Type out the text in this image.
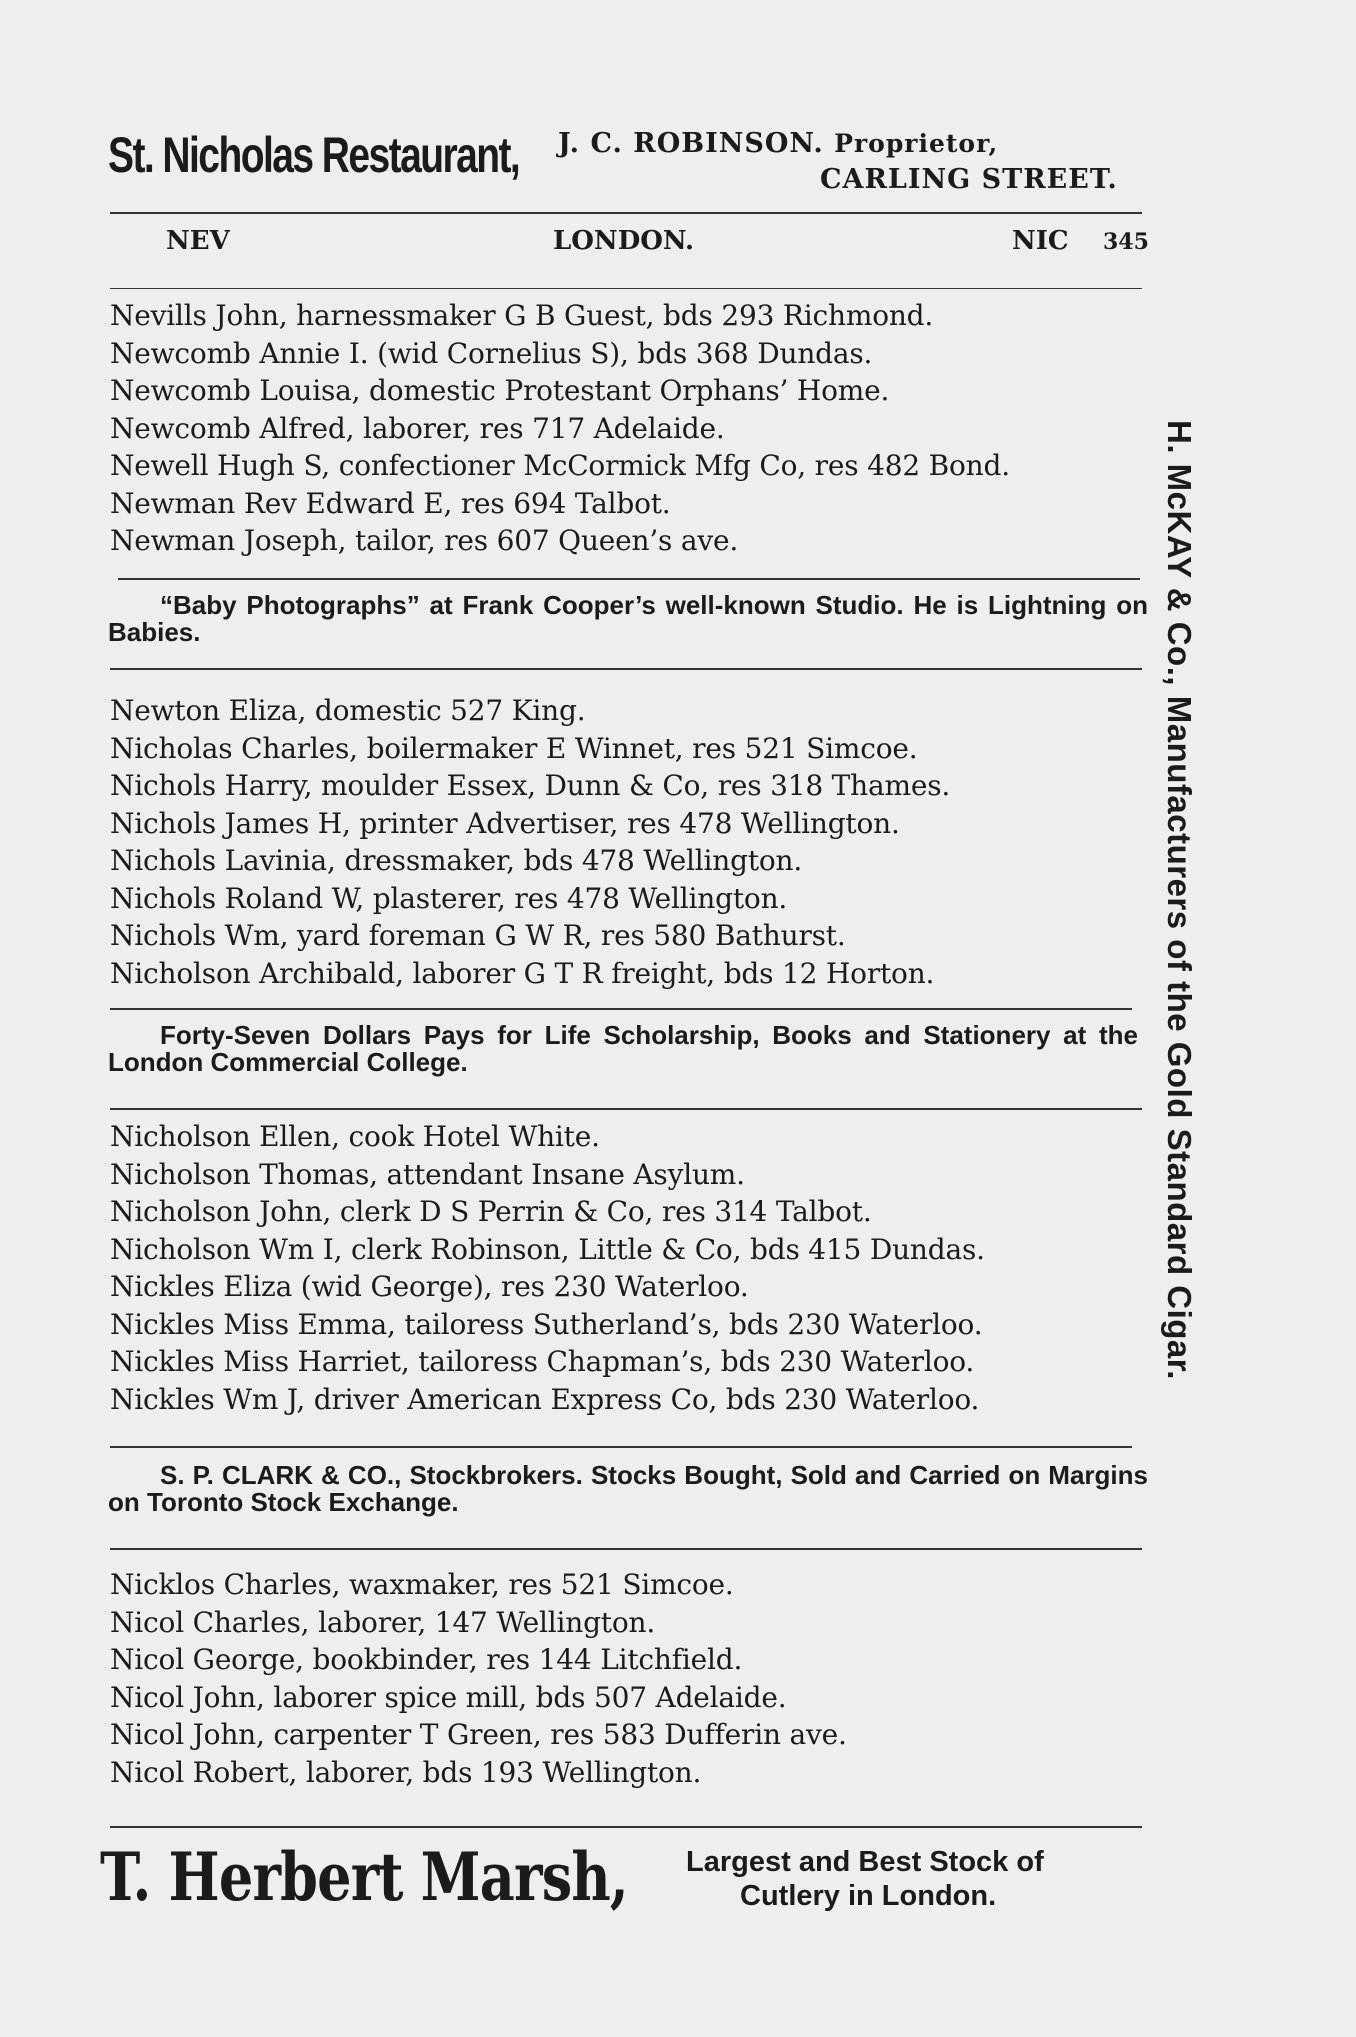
St. Nicholas Restaurant, J. C. ROBINSON. Proprietor,
CARLING STREET.
NEV	LONDON.	NIC 345
Nevills John, harnessmaker G B Guest, bds 293 Richmond.
Newcomb Annie I. (wid Cornelius S), bds 368 Dundas.
Newcomb Louisa, domestic Protestant Orphans’ Home.
Newcomb Alfred, laborer, res 717 Adelaide.
Newell Hugh S, confectioner McCormick Mfg Co, res 482 Bond.
Newman Rev Edward E, res 694 Talbot.
Newman Joseph, tailor, res 607 Queen’s ave.

“Baby Photographs” at Frank Cooper’s well-known Studio. He is Lightning on Babies.

Newton Eliza, domestic 527 King.
Nicholas Charles, boilermaker E Winnet, res 521 Simcoe.
Nichols Harry, moulder Essex, Dunn & Co, res 318 Thames.
Nichols James H, printer Advertiser, res 478 Wellington.
Nichols Lavinia, dressmaker, bds 478 Wellington.
Nichols Roland W, plasterer, res 478 Wellington.
Nichols Wm, yard foreman G W R, res 580 Bathurst.
Nicholson Archibald, laborer G T R freight, bds 12 Horton.

Forty-Seven Dollars Pays for Life Scholarship, Books and Stationery at the London Commercial College.

Nicholson Ellen, cook Hotel White.
Nicholson Thomas, attendant Insane Asylum.
Nicholson John, clerk D S Perrin & Co, res 314 Talbot.
Nicholson Wm I, clerk Robinson, Little & Co, bds 415 Dundas.
Nickles Eliza (wid George), res 230 Waterloo.
Nickles Miss Emma, tailoress Sutherland’s, bds 230 Waterloo.
Nickles Miss Harriet, tailoress Chapman’s, bds 230 Waterloo.
Nickles Wm J, driver American Express Co, bds 230 Waterloo.

S. P. CLARK & CO., Stockbrokers. Stocks Bought, Sold and Carried on Margins on Toronto Stock Exchange.

Nicklos Charles, waxmaker, res 521 Simcoe.
Nicol Charles, laborer, 147 Wellington.
Nicol George, bookbinder, res 144 Litchfield.
Nicol John, laborer spice mill, bds 507 Adelaide.
Nicol John, carpenter T Green, res 583 Dufferin ave.
Nicol Robert, laborer, bds 193 Wellington.
H. McKAY & Co., Manufacturers of the Gold Standard Cigar.
T. Herbert Marsh, Largest and Best Stock of
Cutlery in London.
